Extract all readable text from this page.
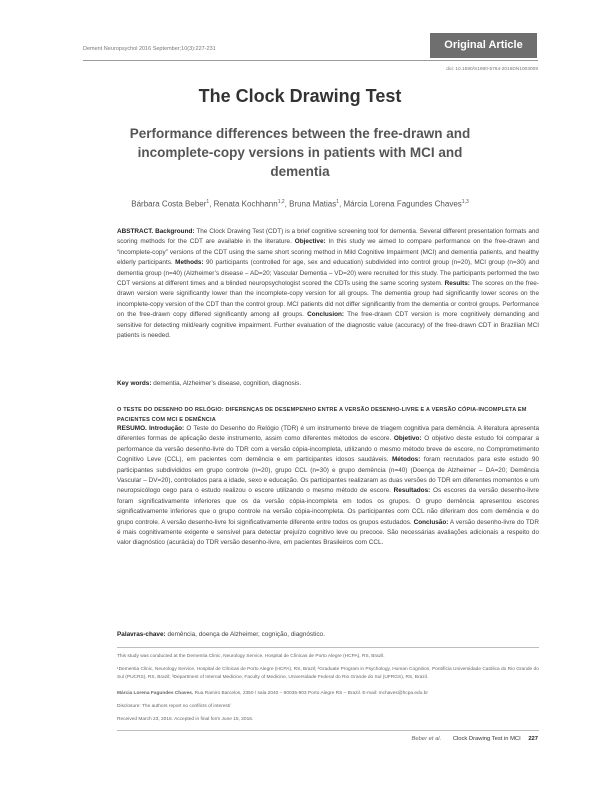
Dement Neuropsychol 2016 September;10(3):227-231	Original Article
doi: 10.1590/S1980-5764-2016DN1003009
The Clock Drawing Test
Performance differences between the free-drawn and incomplete-copy versions in patients with MCI and dementia
Bárbara Costa Beber$^1$, Renata Kochhann$^{1,2}$, Bruna Matias$^1$, Márcia Lorena Fagundes Chaves$^{1,3}$
ABSTRACT. Background: The Clock Drawing Test (CDT) is a brief cognitive screening tool for dementia. Several different presentation formats and scoring methods for the CDT are available in the literature. Objective: In this study we aimed to compare performance on the free-drawn and “incomplete-copy” versions of the CDT using the same short scoring method in Mild Cognitive Impairment (MCI) and dementia patients, and healthy elderly participants. Methods: 90 participants (controlled for age, sex and education) subdivided into control group (n=20), MCI group (n=30) and dementia group (n=40) (Alzheimer’s disease – AD=20; Vascular Dementia – VD=20) were recruited for this study. The participants performed the two CDT versions at different times and a blinded neuropsychologist scored the CDTs using the same scoring system. Results: The scores on the free-drawn version were significantly lower than the incomplete-copy version for all groups. The dementia group had significantly lower scores on the incomplete-copy version of the CDT than the control group. MCI patients did not differ significantly from the dementia or control groups. Performance on the free-drawn copy differed significantly among all groups. Conclusion: The free-drawn CDT version is more cognitively demanding and sensitive for detecting mild/early cognitive impairment. Further evaluation of the diagnostic value (accuracy) of the free-drawn CDT in Brazilian MCI patients is needed.
Key words: dementia, Alzheimer’s disease, cognition, diagnosis.
O TESTE DO DESENHO DO RELÓGIO: DIFERENÇAS DE DESEMPENHO ENTRE A VERSÃO DESENHO-LIVRE E A VERSÃO CÓPIA-INCOMPLETA EM PACIENTES COM MCI E DEMÊNCIA
RESUMO. Introdução: O Teste do Desenho do Relógio (TDR) é um instrumento breve de triagem cognitiva para demência. A literatura apresenta diferentes formas de aplicação deste instrumento, assim como diferentes métodos de escore. Objetivo: O objetivo deste estudo foi comparar a performance da versão desenho-livre do TDR com a versão cópia-incompleta, utilizando o mesmo método breve de escore, no Comprometimento Cognitivo Leve (CCL), em pacientes com demência e em participantes idosos saudáveis. Métodos: foram recrutados para este estudo 90 participantes subdivididos em grupo controle (n=20), grupo CCL (n=30) e grupo demência (n=40) (Doença de Alzheimer – DA=20; Demência Vascular – DV=20), controlados para a idade, sexo e educação. Os participantes realizaram as duas versões do TDR em diferentes momentos e um neuropsicólogo cego para o estudo realizou o escore utilizando o mesmo método de escore. Resultados: Os escores da versão desenho-livre foram significativamente inferiores que os da versão cópia-incompleta em todos os grupos. O grupo demência apresentou escores significativamente inferiores que o grupo controle na versão cópia-incompleta. Os participantes com CCL não diferiram dos com demência e do grupo controle. A versão desenho-livre foi significativamente diferente entre todos os grupos estudados. Conclusão: A versão desenho-livre do TDR é mais cognitivamente exigente e sensível para detectar prejuízo cognitivo leve ou precoce. São necessárias avaliações adicionais a respeito do valor diagnóstico (acurácia) do TDR versão desenho-livre, em pacientes Brasileiros com CCL.
Palavras-chave: demência, doença de Alzheimer, cognição, diagnóstico.
This study was conducted at the Dementia Clinic, Neurology Service, Hospital de Clínicas de Porto Alegre (HCPA), RS, Brazil.
¹Dementia Clinic, Neurology Service, Hospital de Clínicas de Porto Alegre (HCPA), RS, Brazil; ²Graduate Program in Psychology, Human Cognition, Pontifícia Universidade Católica do Rio Grande do Sul (PUCRS), RS, Brazil; ³Department of Internal Medicine, Faculty of Medicine, Universidade Federal do Rio Grande do Sul (UFRGS), RS, Brazil.
Márcia Lorena Fagundes Chaves. Rua Ramiro Barcelos, 2350 / sala 2040 – 90035-903 Porto Alegre RS – Brazil. E-mail: mchaves@hcpa.edu.br
Disclosure: The authors report no conflicts of interest/
Received March 23, 2016. Accepted in final form June 15, 2016.
Beber et al. Clock Drawing Test in MCI 227
